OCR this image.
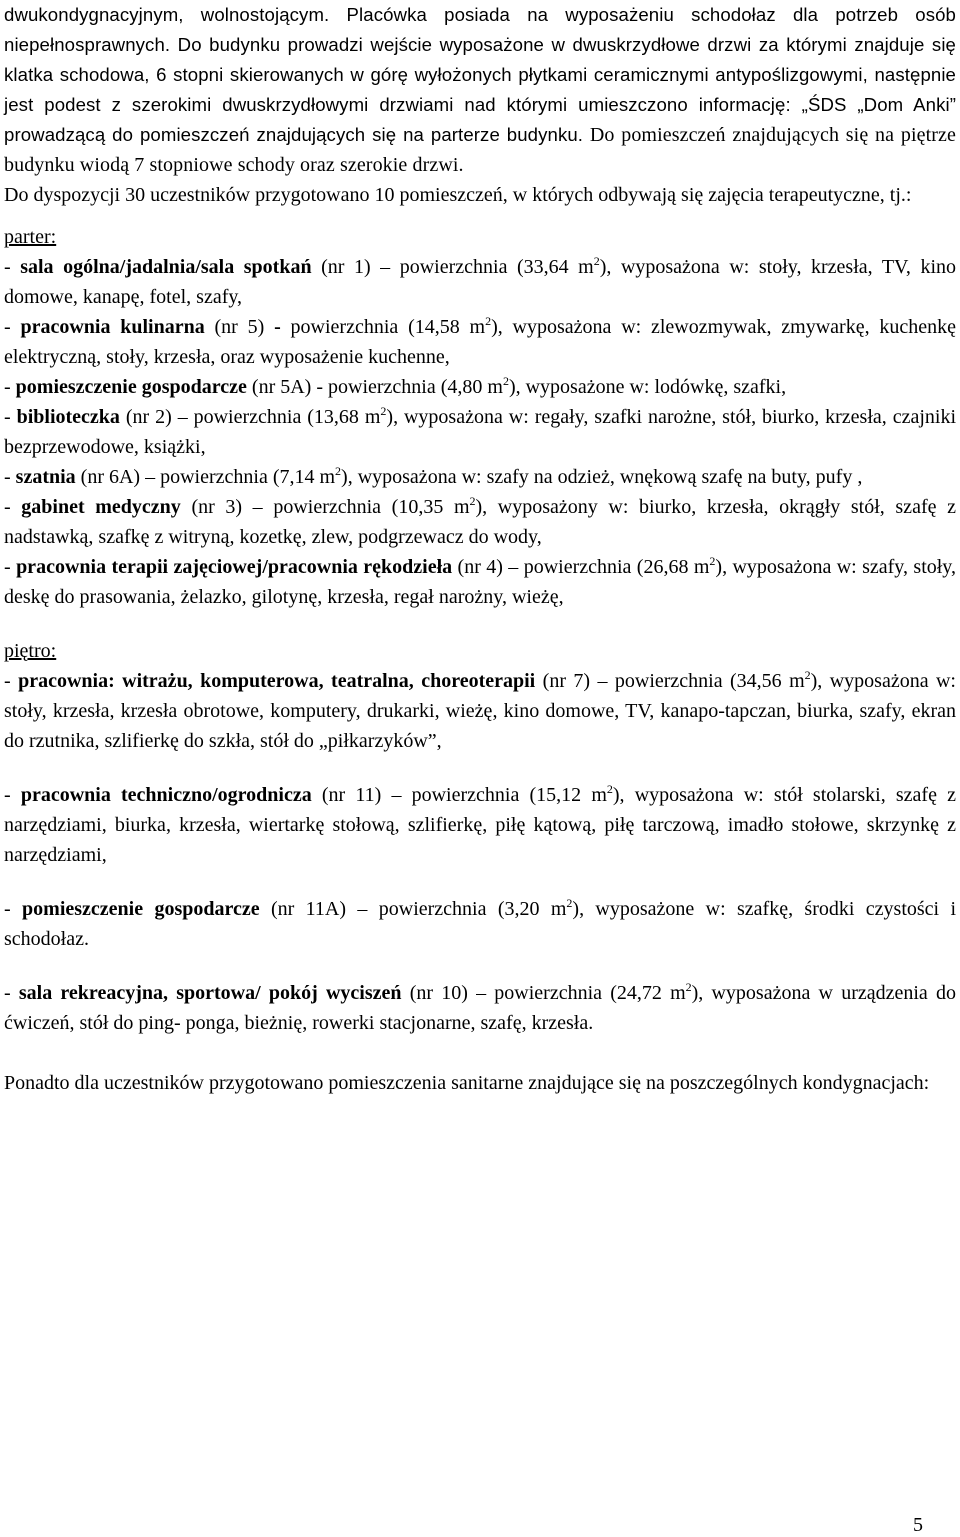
dwukondygnacyjnym, wolnostojącym. Placówka posiada na wyposażeniu schodołaz dla potrzeb osób niepełnosprawnych. Do budynku prowadzi wejście wyposażone w dwuskrzydłowe drzwi za którymi znajduje się klatka schodowa, 6 stopni skierowanych w górę wyłożonych płytkami ceramicznymi antypoślizgowymi, następnie jest podest z szerokimi dwuskrzydłowymi drzwiami nad którymi umieszczono informację: „ŚDS „Dom Anki” prowadzącą do pomieszczeń znajdujących się na parterze budynku. Do pomieszczeń znajdujących się na piętrze budynku wiodą 7 stopniowe schody oraz szerokie drzwi.

Do dyspozycji 30 uczestników przygotowano 10 pomieszczeń, w których odbywają się zajęcia terapeutyczne, tj.:

parter:

- sala ogólna/jadalnia/sala spotkań (nr 1) – powierzchnia (33,64 $m^2$), wyposażona w: stoły, krzesła, TV, kino domowe, kanapę, fotel, szafy,

- pracownia kulinarna (nr 5) - powierzchnia (14,58 $m^2$), wyposażona w: zlewozmywak, zmywarkę, kuchenkę elektryczną, stoły, krzesła, oraz wyposażenie kuchenne,

- pomieszczenie gospodarcze (nr 5A) - powierzchnia (4,80 $m^2$), wyposażone w: lodówkę, szafki,

- biblioteczka (nr 2) – powierzchnia (13,68 $m^2$), wyposażona w: regały, szafki narożne, stół, biurko, krzesła, czajniki bezprzewodowe, książki,

- szatnia (nr 6A) – powierzchnia (7,14 $m^2$), wyposażona w: szafy na odzież, wnękową szafę na buty, pufy ,

- gabinet medyczny (nr 3) – powierzchnia (10,35 $m^2$), wyposażony w: biurko, krzesła, okrągły stół, szafę z nadstawką, szafkę z witryną, kozetkę, zlew, podgrzewacz do wody,

- pracownia terapii zajęciowej/pracownia rękodzieła (nr 4) – powierzchnia (26,68 $m^2$), wyposażona w: szafy, stoły, deskę do prasowania, żelazko, gilotynę, krzesła, regał narożny, wieżę,

piętro:

- pracownia: witrażu, komputerowa, teatralna, choreoterapii (nr 7) – powierzchnia (34,56 $m^2$), wyposażona w: stoły, krzesła, krzesła obrotowe, komputery, drukarki, wieżę, kino domowe, TV, kanapo-tapczan, biurka, szafy, ekran do rzutnika, szlifierkę do szkła, stół do „piłkarzyków”,

- pracownia techniczno/ogrodnicza (nr 11) – powierzchnia (15,12 $m^2$), wyposażona w: stół stolarski, szafę z narzędziami, biurka, krzesła, wiertarkę stołową, szlifierkę, piłę kątową, piłę tarczową, imadło stołowe, skrzynkę z narzędziami,

- pomieszczenie gospodarcze (nr 11A) – powierzchnia (3,20 $m^2$), wyposażone w: szafkę, środki czystości i schodołaz.

- sala rekreacyjna, sportowa/ pokój wyciszeń (nr 10) – powierzchnia (24,72 $m^2$), wyposażona w urządzenia do ćwiczeń, stół do ping- ponga, bieżnię, rowerki stacjonarne, szafę, krzesła.

Ponadto dla uczestników przygotowano pomieszczenia sanitarne znajdujące się na poszczególnych kondygnacjach:

5
